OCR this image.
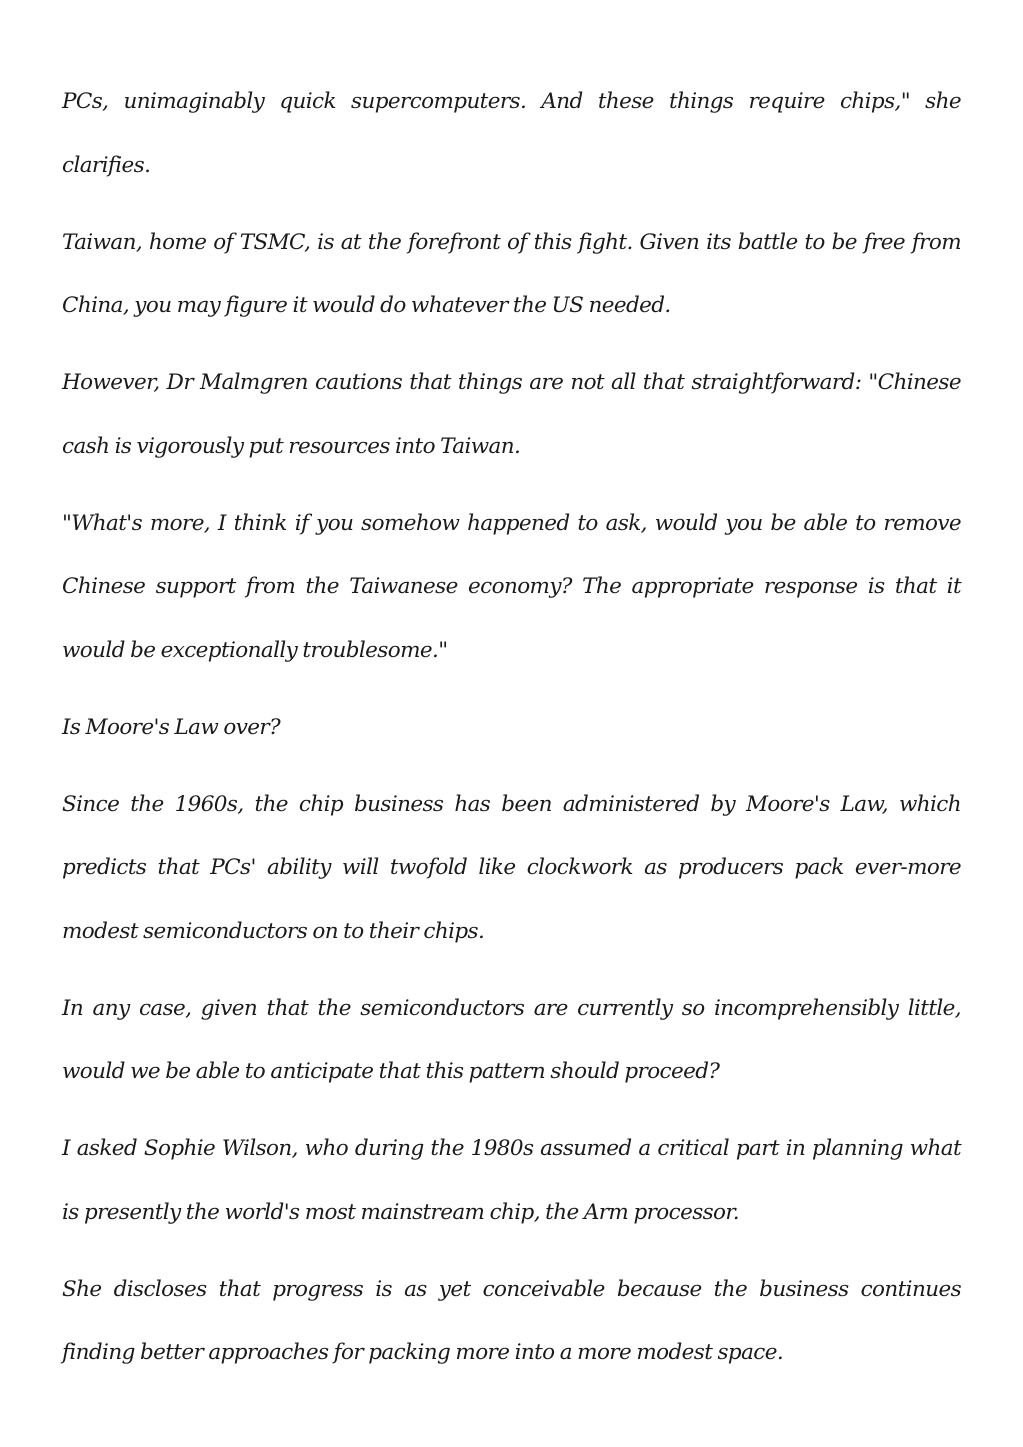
PCs, unimaginably quick supercomputers. And these things require chips," she clarifies.

Taiwan, home of TSMC, is at the forefront of this fight. Given its battle to be free from China, you may figure it would do whatever the US needed.

However, Dr Malmgren cautions that things are not all that straightforward: "Chinese cash is vigorously put resources into Taiwan.

"What's more, I think if you somehow happened to ask, would you be able to remove Chinese support from the Taiwanese economy? The appropriate response is that it would be exceptionally troublesome."

Is Moore's Law over?

Since the 1960s, the chip business has been administered by Moore's Law, which predicts that PCs' ability will twofold like clockwork as producers pack ever-more modest semiconductors on to their chips.

In any case, given that the semiconductors are currently so incomprehensibly little, would we be able to anticipate that this pattern should proceed?

I asked Sophie Wilson, who during the 1980s assumed a critical part in planning what is presently the world's most mainstream chip, the Arm processor.

She discloses that progress is as yet conceivable because the business continues finding better approaches for packing more into a more modest space.
